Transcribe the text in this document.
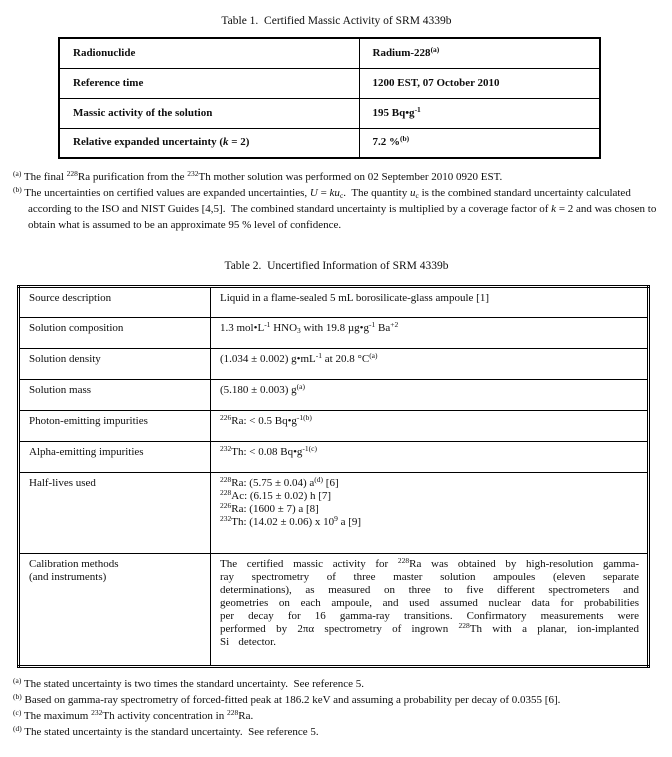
Table 1.  Certified Massic Activity of SRM 4339b
Radionuclide	Radium-228$^{(a)}$
Reference time	1200 EST, 07 October 2010
Massic activity of the solution	195 $Bq•g^{-1}$
Relative expanded uncertainty (k = 2)	7.2 %$^{(b)}$

$^{(a)}$ The final $^{228}$Ra purification from the $^{232}$Th mother solution was performed on 02 September 2010 0920 EST.

$^{(b)}$ The uncertainties on certified values are expanded uncertainties, $U = ku_c$.  The quantity $u_c$ is the combined standard uncertainty calculated according to the ISO and NIST Guides [4,5].  The combined standard uncertainty is multiplied by a coverage factor of k = 2 and was chosen to obtain what is assumed to be an approximate 95 % level of confidence.

Table 2.  Uncertified Information of SRM 4339b
Source description	Liquid in a flame-sealed 5 mL borosilicate-glass ampoule [1]
Solution composition	1.3 $mol•L^{-1}$ $HNO_3$ with 19.8 $\mu g•g^{-1}$ $Ba^{+2}$
Solution density	(1.034 ± 0.002) $g•mL^{-1}$ at 20.8 $^\circ C^{(a)}$
Solution mass	(5.180 ± 0.003) $g^{(a)}$
Photon-emitting impurities	$^{226}$Ra: < 0.5 $Bq•g^{-1(b)}$
Alpha-emitting impurities	$^{232}$Th: < 0.08 $Bq•g^{-1(c)}$
Half-lives used	$^{228}$Ra: (5.75 ± 0.04) $a^{(d)}$ [6]
$^{228}$Ac: (6.15 ± 0.02) h [7]
$^{226}$Ra: (1600 ± 7) a [8]
$^{232}$Th: (14.02 ± 0.06) x $10^9$ a [9]
Calibration methods
(and instruments)	The certified massic activity for $^{228}$Ra was obtained by high-resolution gamma-ray spectrometry of three master solution ampoules (eleven separate determinations), as measured on three to five different spectrometers and geometries on each ampoule, and used assumed nuclear data for probabilities per decay for 16 gamma-ray transitions. Confirmatory measurements were performed by 2πα spectrometry of ingrown $^{228}$Th with a planar, ion-implanted Si detector.

$^{(a)}$ The stated uncertainty is two times the standard uncertainty.  See reference 5.

$^{(b)}$ Based on gamma-ray spectrometry of forced-fitted peak at 186.2 keV and assuming a probability per decay of 0.0355 [6].

$^{(c)}$ The maximum $^{232}$Th activity concentration in $^{228}$Ra.

$^{(d)}$ The stated uncertainty is the standard uncertainty.  See reference 5.
